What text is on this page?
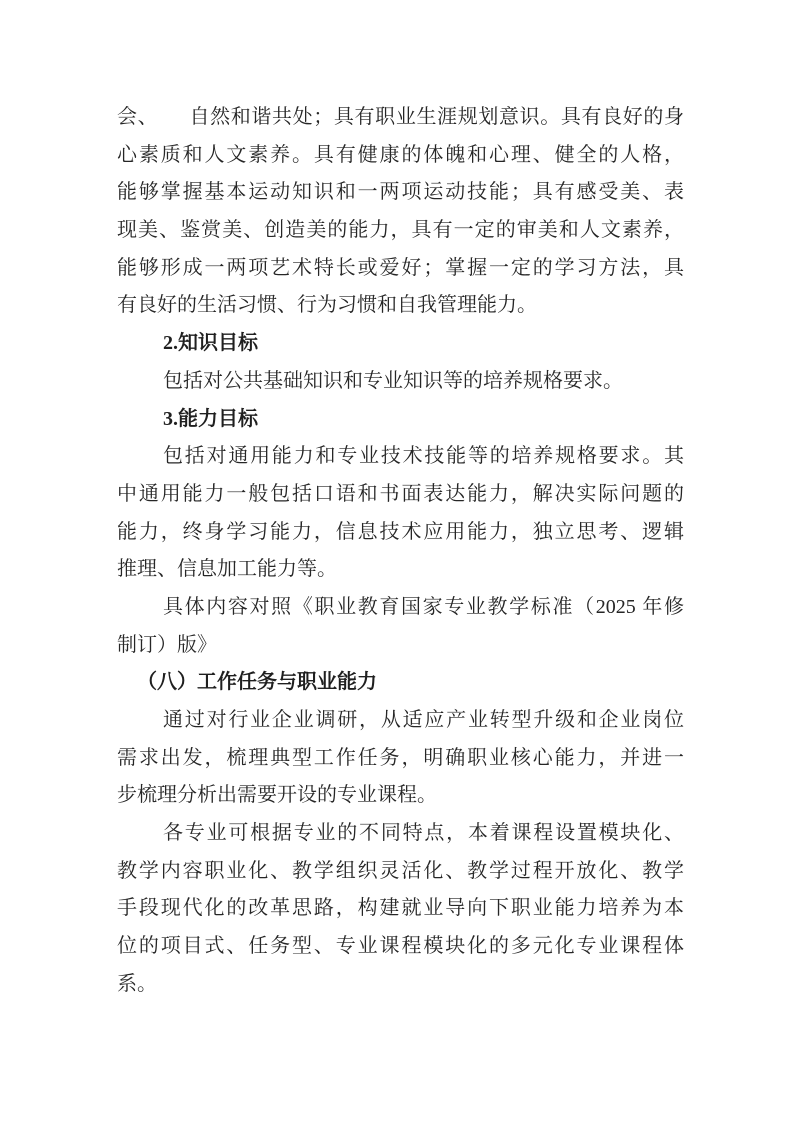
会、　　自然和谐共处；具有职业生涯规划意识。具有良好的身
心素质和人文素养。具有健康的体魄和心理、健全的人格，
能够掌握基本运动知识和一两项运动技能；具有感受美、表
现美、鉴赏美、创造美的能力，具有一定的审美和人文素养，
能够形成一两项艺术特长或爱好；掌握一定的学习方法，具
有良好的生活习惯、行为习惯和自我管理能力。
2.知识目标
包括对公共基础知识和专业知识等的培养规格要求。
3.能力目标
包括对通用能力和专业技术技能等的培养规格要求。其
中通用能力一般包括口语和书面表达能力，解决实际问题的
能力，终身学习能力，信息技术应用能力，独立思考、逻辑
推理、信息加工能力等。
具体内容对照《职业教育国家专业教学标准（2025 年修
制订）版》
（八）工作任务与职业能力
通过对行业企业调研，从适应产业转型升级和企业岗位
需求出发，梳理典型工作任务，明确职业核心能力，并进一
步梳理分析出需要开设的专业课程。
各专业可根据专业的不同特点，本着课程设置模块化、
教学内容职业化、教学组织灵活化、教学过程开放化、教学
手段现代化的改革思路，构建就业导向下职业能力培养为本
位的项目式、任务型、专业课程模块化的多元化专业课程体
系。
